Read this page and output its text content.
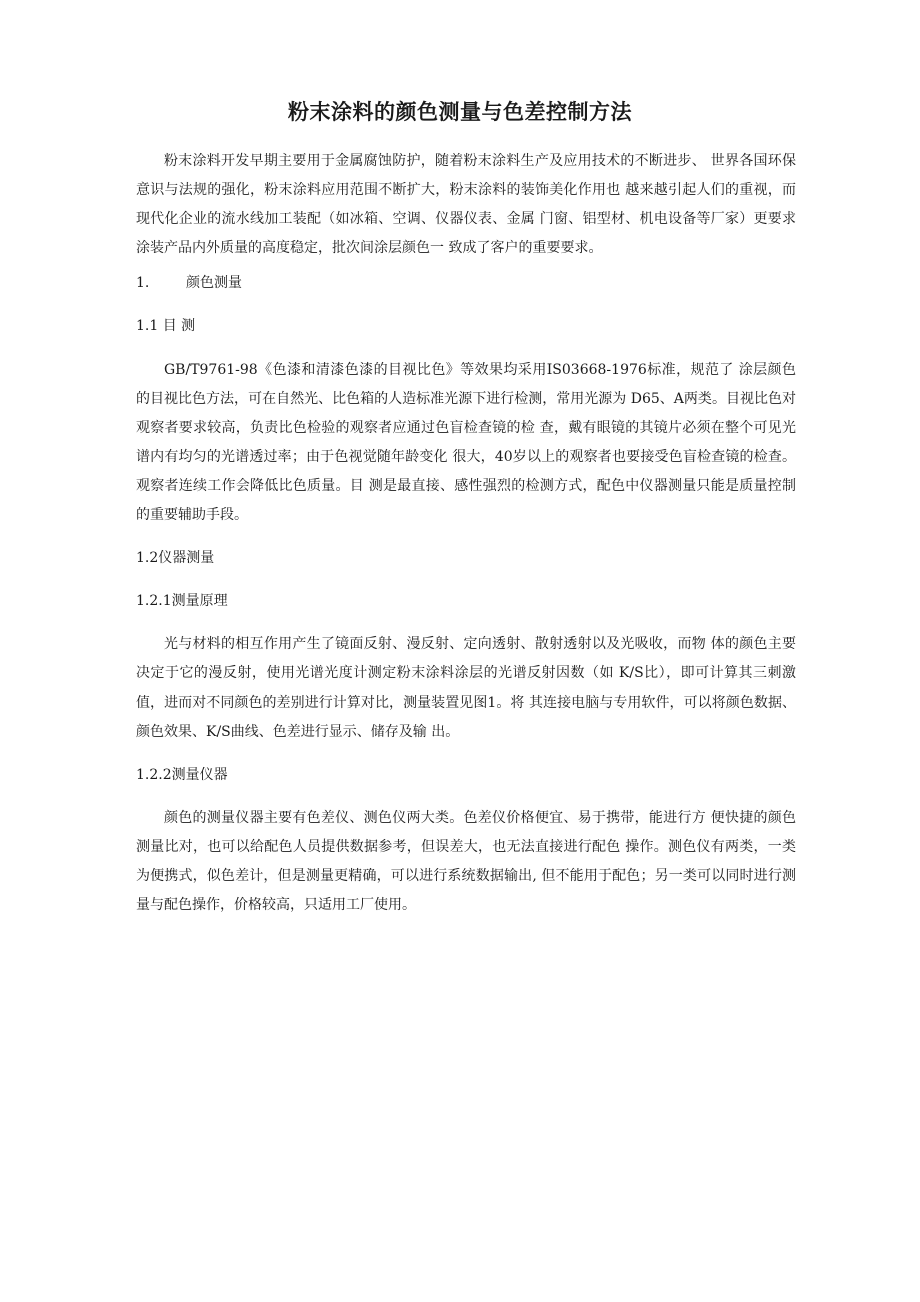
粉末涂料的颜色测量与色差控制方法

粉末涂料开发早期主要用于金属腐蚀防护，随着粉末涂料生产及应用技术的不断进步、 世界各国环保意识与法规的强化，粉末涂料应用范围不断扩大，粉末涂料的装饰美化作用也 越来越引起人们的重视，而现代化企业的流水线加工装配（如冰箱、空调、仪器仪表、金属 门窗、铝型材、机电设备等厂家）更要求涂装产品内外质量的高度稳定，批次间涂层颜色一 致成了客户的重要要求。

1.	颜色测量

1.1 目 测

GB/T9761-98《色漆和清漆色漆的目视比色》等效果均采用IS03668-1976标准，规范了 涂层颜色的目视比色方法，可在自然光、比色箱的人造标准光源下进行检测，常用光源为 D65、A两类。目视比色对观察者要求较高，负责比色检验的观察者应通过色盲检查镜的检 查，戴有眼镜的其镜片必须在整个可见光谱内有均匀的光谱透过率；由于色视觉随年龄变化 很大，40岁以上的观察者也要接受色盲检查镜的检查。观察者连续工作会降低比色质量。目 测是最直接、感性强烈的检测方式，配色中仪器测量只能是质量控制的重要辅助手段。

1.2仪器测量

1.2.1测量原理

光与材料的相互作用产生了镜面反射、漫反射、定向透射、散射透射以及光吸收，而物 体的颜色主要决定于它的漫反射，使用光谱光度计测定粉末涂料涂层的光谱反射因数（如 K/S比），即可计算其三刺激值，进而对不同颜色的差别进行计算对比，测量装置见图1。将 其连接电脑与专用软件，可以将颜色数据、颜色效果、K/S曲线、色差进行显示、储存及输 出。

1.2.2测量仪器

颜色的测量仪器主要有色差仪、测色仪两大类。色差仪价格便宜、易于携带，能进行方 便快捷的颜色测量比对，也可以给配色人员提供数据参考，但误差大，也无法直接进行配色 操作。测色仪有两类，一类为便携式，似色差计，但是测量更精确，可以进行系统数据输出, 但不能用于配色；另一类可以同时进行测量与配色操作，价格较高，只适用工厂使用。
